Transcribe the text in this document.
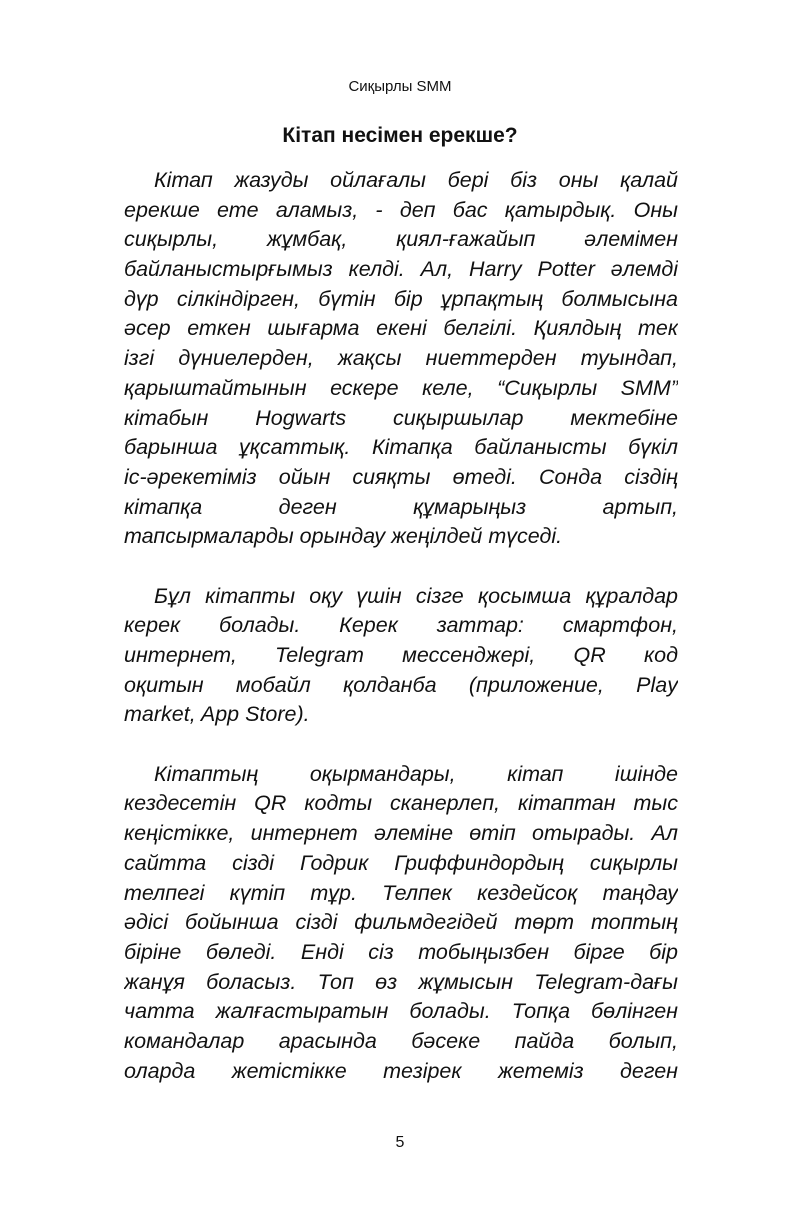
Сиқырлы SMM
Кітап несімен ерекше?
Кітап жазуды ойлағалы бері біз оны қалай
ерекше ете аламыз, - деп бас қатырдық. Оны
сиқырлы, жұмбақ, қиял-ғажайып әлемімен
байланыстырғымыз келді. Ал, Harry Potter әлемді
дүр сілкіндірген, бүтін бір ұрпақтың болмысына
әсер еткен шығарма екені белгілі. Қиялдың тек
ізгі дүниелерден, жақсы ниеттерден туындап,
қарыштайтынын ескере келе, “Сиқырлы SMM”
кітабын Hogwarts сиқыршылар мектебіне
барынша ұқсаттық. Кітапқа байланысты бүкіл
іс-әрекетіміз ойын сияқты өтеді. Сонда сіздің
кітапқа деген құмарыңыз артып,
тапсырмаларды орындау жеңілдей түседі.
Бұл кітапты оқу үшін сізге қосымша құралдар
керек болады. Керек заттар: смартфон,
интернет, Telegram мессенджері, QR код
оқитын мобайл қолданба (приложение, Play
market, App Store).
Кітаптың оқырмандары, кітап ішінде
кездесетін QR кодты сканерлеп, кітаптан тыс
кеңістікке, интернет әлеміне өтіп отырады. Ал
сайтта сізді Годрик Гриффиндордың сиқырлы
телпегі күтіп тұр. Телпек кездейсоқ таңдау
әдісі бойынша сізді фильмдегідей төрт топтың
біріне бөледі. Енді сіз тобыңызбен бірге бір
жанұя боласыз. Топ өз жұмысын Telegram-дағы
чатта жалғастыратын болады. Топқа бөлінген
командалар арасында бәсеке пайда болып,
оларда жетістікке тезірек жетеміз деген
5
